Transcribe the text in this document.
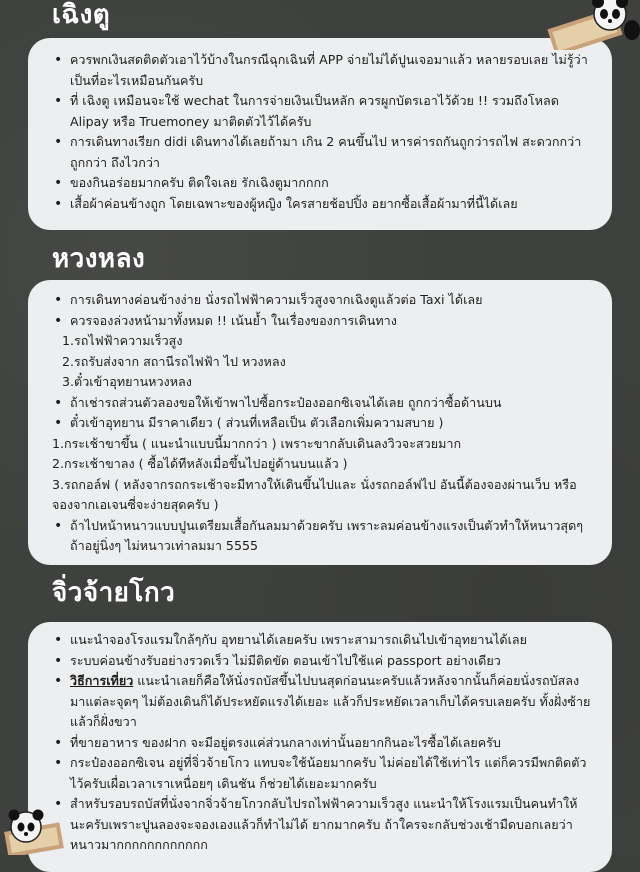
เฉิงตู
• ควรพกเงินสดติดตัวเอาไว้บ้างในกรณีฉุกเฉินที่ APP จ่ายไม่ได้ปูนเจอมาแล้ว หลายรอบเลย ไม่รู้ว่าเป็นที่อะไรเหมือนกันครับ
• ที่ เฉิงตู เหมือนจะใช้ wechat ในการจ่ายเงินเป็นหลัก ควรผูกบัตรเอาไว้ด้วย !! รวมถึงโหลด Alipay หรือ Truemoney มาติดตัวไว้ได้ครับ
• การเดินทางเรียก didi เดินทางได้เลยถ้ามา เกิน 2 คนขึ้นไป หารค่ารถกันถูกว่ารถไฟ สะดวกกว่า ถูกกว่า ถึงไวกว่า
• ของกินอร่อยมากครับ ติดใจเลย รักเฉิงตูมากกกก
• เสื้อผ้าค่อนข้างถูก โดยเฉพาะของผู้หญิง ใครสายช้อปปิ้ง อยากซื้อเสื้อผ้ามาที่นี้ได้เลย
หวงหลง
• การเดินทางค่อนข้างง่าย นั่งรถไฟฟ้าความเร็วสูงจากเฉิงตูแล้วต่อ Taxi ได้เลย
• ควรจองล่วงหน้ามาทั้งหมด !! เน้นย้ำ ในเรื่องของการเดินทาง
1.รถไฟฟ้าความเร็วสูง
2.รถรับส่งจาก สถานีรถไฟฟ้า ไป หวงหลง
3.ตั๋วเข้าอุทยานหวงหลง
• ถ้าเช่ารถส่วนตัวลองขอให้เข้าพาไปซื้อกระป๋องออกซิเจนได้เลย ถูกกว่าซื้อด้านบน
• ตั๋วเข้าอุทยาน มีราคาเดียว ( ส่วนที่เหลือเป็น ตัวเลือกเพิ่มความสบาย )
1.กระเช้าขาขึ้น ( แนะนำแบบนี้มากกว่า ) เพราะขากลับเดินลงวิวจะสวยมาก
2.กระเช้าขาลง ( ซื้อได้ทีหลังเมื่อขึ้นไปอยู่ด้านบนแล้ว )
3.รถกอล์ฟ ( หลังจากรถกระเช้าจะมีทางให้เดินขึ้นไปและ นั่งรถกอล์ฟไป อันนี้ต้องจองผ่านเว็บ หรือจองจากเอเจนซี่จะง่ายสุดครับ )
• ถ้าไปหน้าหนาวแบบปูนเตรียมเสื้อกันลมมาด้วยครับ เพราะลมค่อนข้างแรงเป็นตัวทำให้หนาวสุดๆ ถ้าอยู่นิ่งๆ ไม่หนาวเท่าลมมา 5555
จิ่วจ้ายโกว
• แนะนำจองโรงแรมใกล้ๆกับ อุทยานได้เลยครับ เพราะสามารถเดินไปเข้าอุทยานได้เลย
• ระบบค่อนข้างรับอย่างรวดเร็ว ไม่มีติดขัด ตอนเข้าไปใช้แค่ passport อย่างเดียว
• วิธีการเที่ยว แนะนำเลยก็คือให้นั่งรถบัสขึ้นไปบนสุดก่อนนะครับแล้วหลังจากนั้นก็ค่อยนั่งรถบัสลงมาแต่ละจุดๆ ไม่ต้องเดินก็ได้ประหยัดแรงได้เยอะ แล้วก็ประหยัดเวลาเก็บได้ครบเลยครับ ทั้งฝั่งซ้ายแล้วก็ฝั่งขวา
• ที่ขายอาหาร ของฝาก จะมีอยู่ตรงแค่ส่วนกลางเท่านั้นอยากกินอะไรซื้อได้เลยครับ
• กระป๋องออกซิเจน อยู่ที่จิ่วจ้ายโกว แทบจะใช้น้อยมากครับ ไม่ค่อยได้ใช้เท่าไร แต่ก็ควรมีพกติดตัวไว้ครับเผื่อเวลาเราเหนื่อยๆ เดินชัน ก็ช่วยได้เยอะมากครับ
• สำหรับรอบรถบัสที่นั่งจากจิ่วจ้ายโกวกลับไปรถไฟฟ้าความเร็วสูง แนะนำให้โรงแรมเป็นคนทำให้นะครับเพราะปูนลองจะจองเองแล้วก็ทำไม่ได้ ยากมากครับ ถ้าใครจะกลับช่วงเช้ามืดบอกเลยว่าหนาวมากกกกกกกกกกกก
